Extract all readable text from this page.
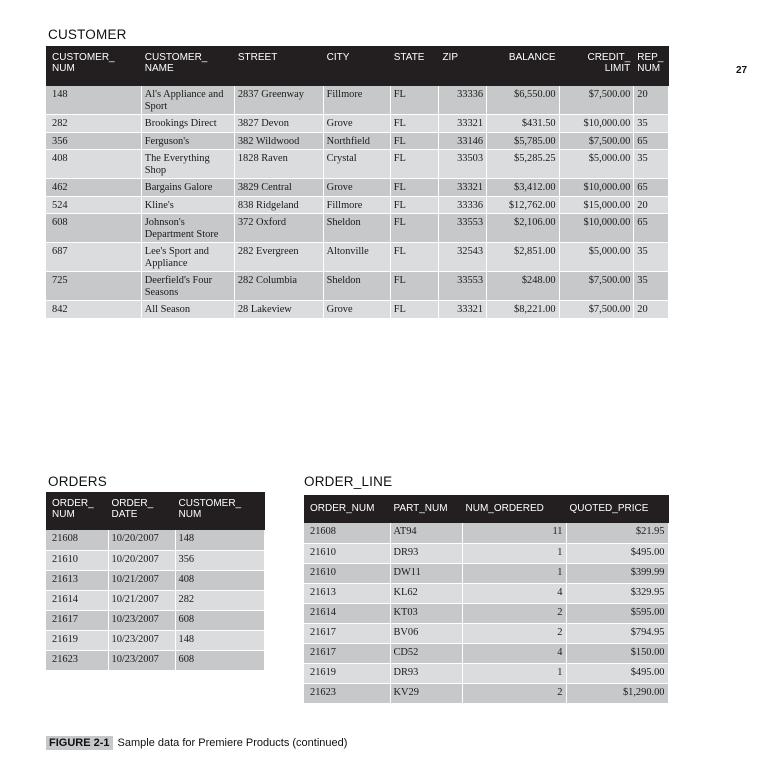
27
CUSTOMER
CUSTOMER_ NUM	CUSTOMER_ NAME	STREET	CITY	STATE	ZIP	BALANCE	CREDIT_ LIMIT	REP_ NUM
148	Al's Appliance and Sport	2837 Greenway	Fillmore	FL	33336	$6,550.00	$7,500.00	20
282	Brookings Direct	3827 Devon	Grove	FL	33321	$431.50	$10,000.00	35
356	Ferguson's	382 Wildwood	Northfield	FL	33146	$5,785.00	$7,500.00	65
408	The Everything Shop	1828 Raven	Crystal	FL	33503	$5,285.25	$5,000.00	35
462	Bargains Galore	3829 Central	Grove	FL	33321	$3,412.00	$10,000.00	65
524	Kline's	838 Ridgeland	Fillmore	FL	33336	$12,762.00	$15,000.00	20
608	Johnson's Department Store	372 Oxford	Sheldon	FL	33553	$2,106.00	$10,000.00	65
687	Lee's Sport and Appliance	282 Evergreen	Altonville	FL	32543	$2,851.00	$5,000.00	35
725	Deerfield's Four Seasons	282 Columbia	Sheldon	FL	33553	$248.00	$7,500.00	35
842	All Season	28 Lakeview	Grove	FL	33321	$8,221.00	$7,500.00	20
ORDERS
ORDER_ NUM	ORDER_ DATE	CUSTOMER_ NUM
21608	10/20/2007	148
21610	10/20/2007	356
21613	10/21/2007	408
21614	10/21/2007	282
21617	10/23/2007	608
21619	10/23/2007	148
21623	10/23/2007	608
ORDER_LINE
ORDER_NUM	PART_NUM	NUM_ORDERED	QUOTED_PRICE
21608	AT94	11	$21.95
21610	DR93	1	$495.00
21610	DW11	1	$399.99
21613	KL62	4	$329.95
21614	KT03	2	$595.00
21617	BV06	2	$794.95
21617	CD52	4	$150.00
21619	DR93	1	$495.00
21623	KV29	2	$1,290.00
FIGURE 2-1 Sample data for Premiere Products (continued)
